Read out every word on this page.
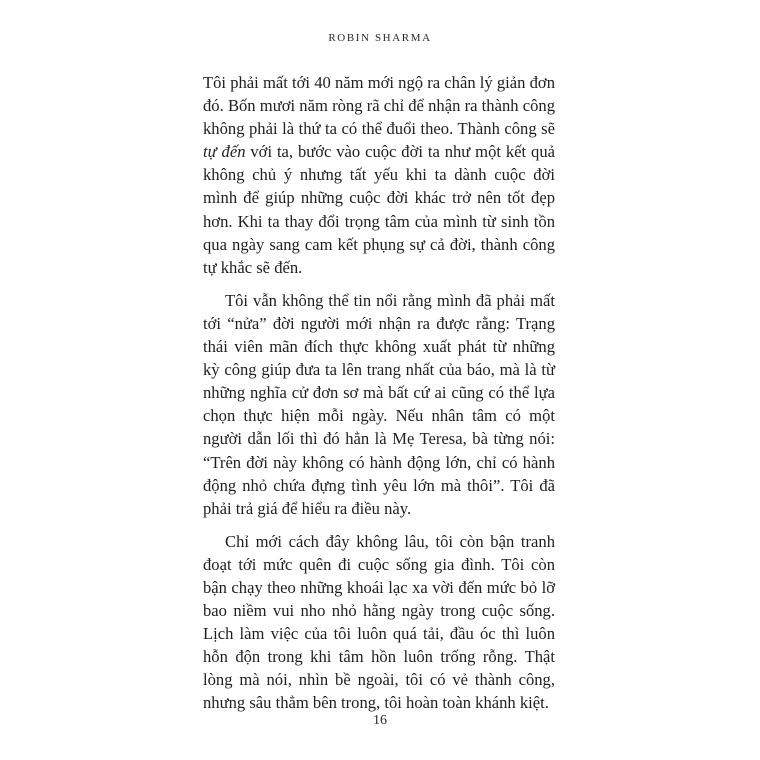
ROBIN SHARMA

Tôi phải mất tới 40 năm mới ngộ ra chân lý giản đơn đó. Bốn mươi năm ròng rã chỉ để nhận ra thành công không phải là thứ ta có thể đuổi theo. Thành công sẽ tự đến với ta, bước vào cuộc đời ta như một kết quả không chủ ý nhưng tất yếu khi ta dành cuộc đời mình để giúp những cuộc đời khác trở nên tốt đẹp hơn. Khi ta thay đổi trọng tâm của mình từ sinh tồn qua ngày sang cam kết phụng sự cả đời, thành công tự khắc sẽ đến.

Tôi vẫn không thể tin nổi rằng mình đã phải mất tới “nửa” đời người mới nhận ra được rằng: Trạng thái viên mãn đích thực không xuất phát từ những kỳ công giúp đưa ta lên trang nhất của báo, mà là từ những nghĩa cử đơn sơ mà bất cứ ai cũng có thể lựa chọn thực hiện mỗi ngày. Nếu nhân tâm có một người dẫn lối thì đó hẳn là Mẹ Teresa, bà từng nói: “Trên đời này không có hành động lớn, chỉ có hành động nhỏ chứa đựng tình yêu lớn mà thôi”. Tôi đã phải trả giá để hiểu ra điều này.

Chỉ mới cách đây không lâu, tôi còn bận tranh đoạt tới mức quên đi cuộc sống gia đình. Tôi còn bận chạy theo những khoái lạc xa vời đến mức bỏ lỡ bao niềm vui nho nhỏ hằng ngày trong cuộc sống. Lịch làm việc của tôi luôn quá tải, đầu óc thì luôn hỗn độn trong khi tâm hồn luôn trống rỗng. Thật lòng mà nói, nhìn bề ngoài, tôi có vẻ thành công, nhưng sâu thẳm bên trong, tôi hoàn toàn khánh kiệt.

16
